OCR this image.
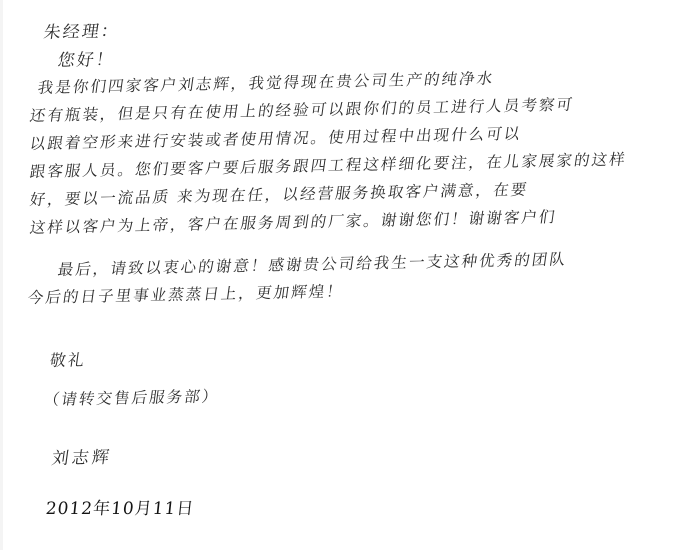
朱经理：
您好！
我是你们四家客户刘志辉，我觉得现在贵公司生产的纯净水
还有瓶装，但是只有在使用上的经验可以跟你们的员工进行人员考察可
以跟着空形来进行安装或者使用情况。使用过程中出现什么可以
跟客服人员。您们要客户要后服务跟四工程这样细化要注，在儿家展家的这样
好，要以一流品质 来为现在任，以经营服务换取客户满意，在要
这样以客户为上帝，客户在服务周到的厂家。谢谢您们！谢谢客户们
最后，请致以衷心的谢意！感谢贵公司给我生一支这种优秀的团队
今后的日子里事业蒸蒸日上，更加辉煌！
敬礼
（请转交售后服务部）
刘志辉
2012年10月11日
